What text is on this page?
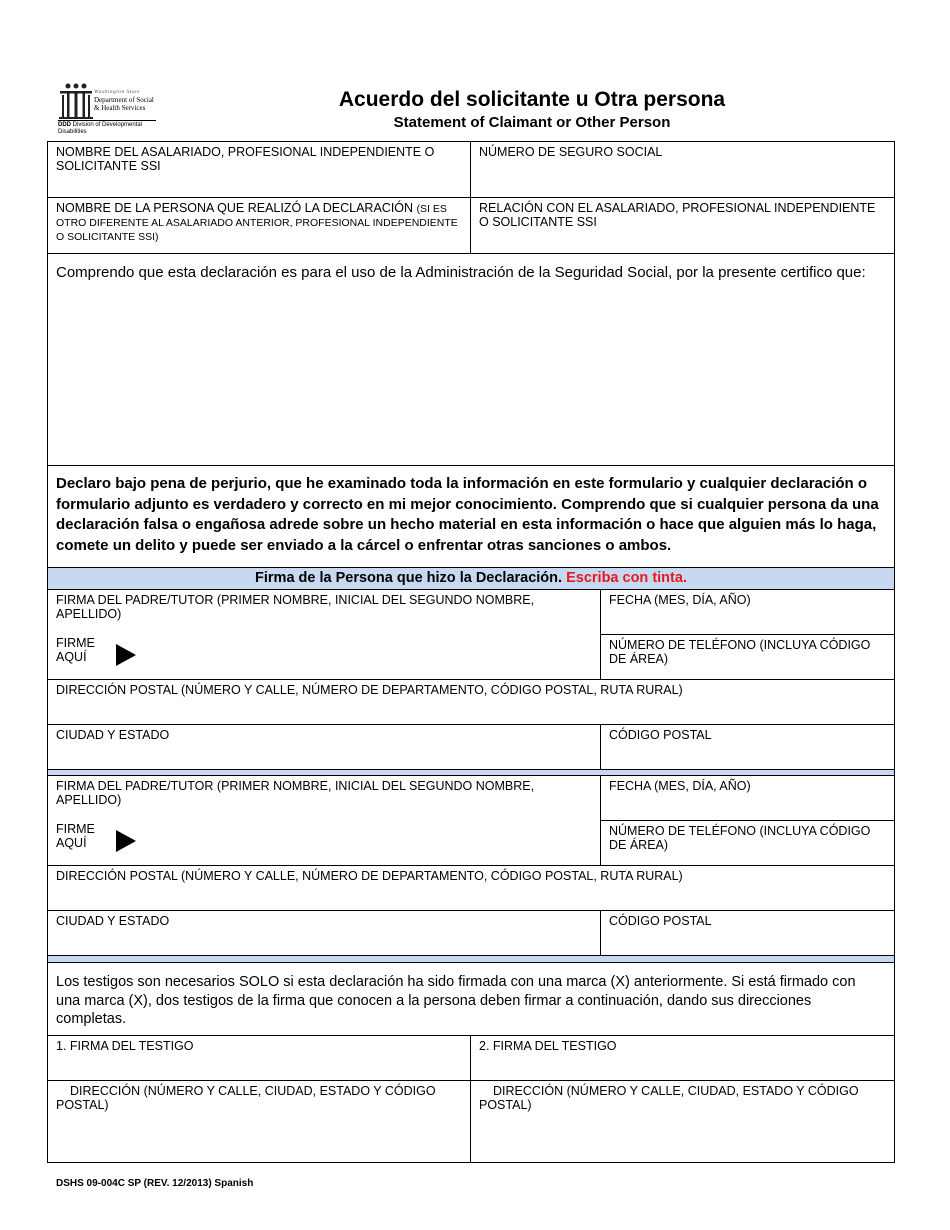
Washington State
Department of Social
& Health Services
DDD Division of Developmental
Disabilities
Acuerdo del solicitante u Otra persona
Statement of Claimant or Other Person
NOMBRE DEL ASALARIADO, PROFESIONAL INDEPENDIENTE O SOLICITANTE SSI
NÚMERO DE SEGURO SOCIAL
NOMBRE DE LA PERSONA QUE REALIZÓ LA DECLARACIÓN (SI ES OTRO DIFERENTE AL ASALARIADO ANTERIOR, PROFESIONAL INDEPENDIENTE O SOLICITANTE SSI)
RELACIÓN CON EL ASALARIADO, PROFESIONAL INDEPENDIENTE O SOLICITANTE SSI
Comprendo que esta declaración es para el uso de la Administración de la Seguridad Social, por la presente certifico que:
Declaro bajo pena de perjurio, que he examinado toda la información en este formulario y cualquier declaración o formulario adjunto es verdadero y correcto en mi mejor conocimiento. Comprendo que si cualquier persona da una declaración falsa o engañosa adrede sobre un hecho material en esta información o hace que alguien más lo haga, comete un delito y puede ser enviado a la cárcel o enfrentar otras sanciones o ambos.
Firma de la Persona que hizo la Declaración. Escriba con tinta.
FIRMA DEL PADRE/TUTOR (PRIMER NOMBRE, INICIAL DEL SEGUNDO NOMBRE, APELLIDO)
FIRME
AQUÍ
FECHA (MES, DÍA, AÑO)
NÚMERO DE TELÉFONO (INCLUYA CÓDIGO DE ÁREA)
DIRECCIÓN POSTAL (NÚMERO Y CALLE, NÚMERO DE DEPARTAMENTO, CÓDIGO POSTAL, RUTA RURAL)
CIUDAD Y ESTADO	CÓDIGO POSTAL
FIRMA DEL PADRE/TUTOR (PRIMER NOMBRE, INICIAL DEL SEGUNDO NOMBRE, APELLIDO)
FIRME
AQUÍ
FECHA (MES, DÍA, AÑO)
NÚMERO DE TELÉFONO (INCLUYA CÓDIGO DE ÁREA)
DIRECCIÓN POSTAL (NÚMERO Y CALLE, NÚMERO DE DEPARTAMENTO, CÓDIGO POSTAL, RUTA RURAL)
CIUDAD Y ESTADO	CÓDIGO POSTAL
Los testigos son necesarios SOLO si esta declaración ha sido firmada con una marca (X) anteriormente. Si está firmado con una marca (X), dos testigos de la firma que conocen a la persona deben firmar a continuación, dando sus direcciones completas.
1. FIRMA DEL TESTIGO	2. FIRMA DEL TESTIGO
DIRECCIÓN (NÚMERO Y CALLE, CIUDAD, ESTADO Y CÓDIGO POSTAL)
DIRECCIÓN (NÚMERO Y CALLE, CIUDAD, ESTADO Y CÓDIGO POSTAL)
DSHS 09-004C SP (REV. 12/2013) Spanish
